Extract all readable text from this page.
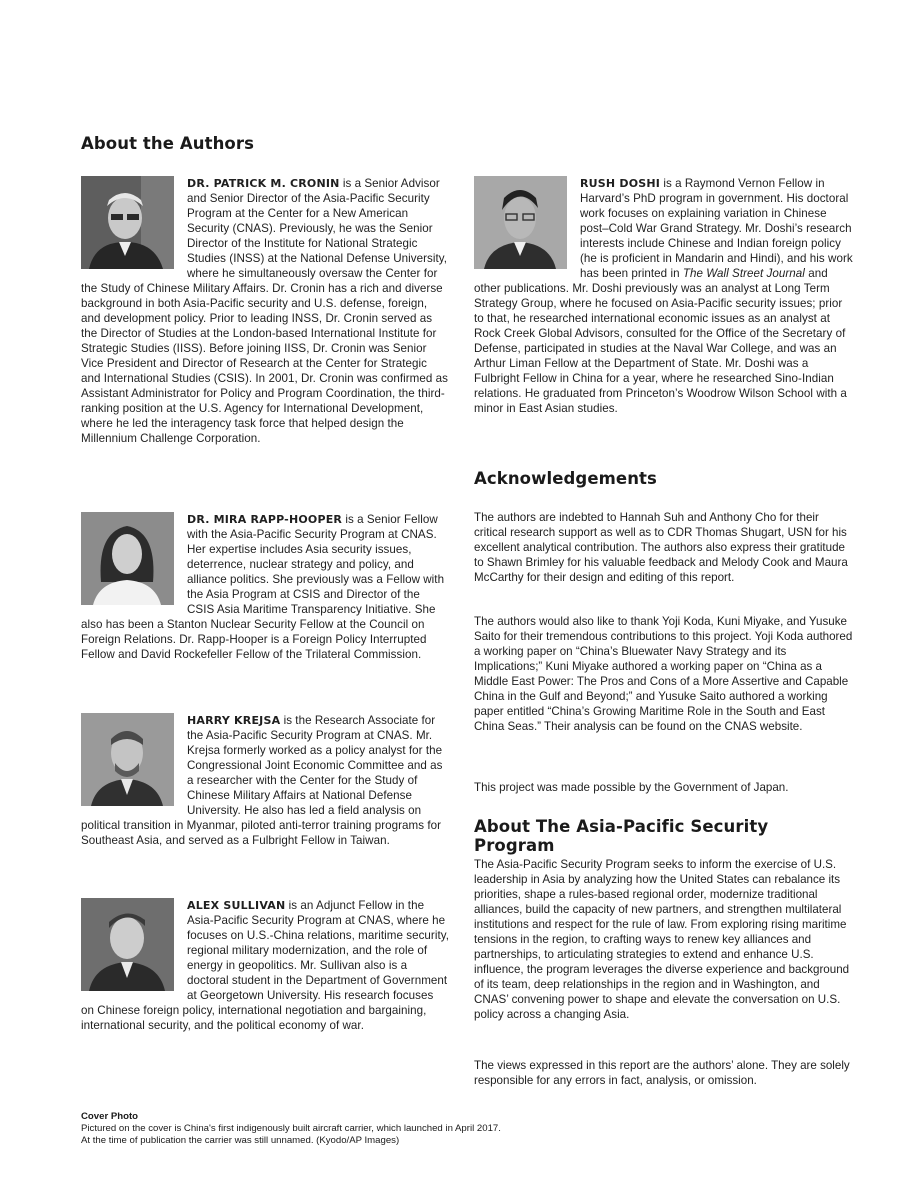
About the Authors
DR. PATRICK M. CRONIN is a Senior Advisor and Senior Director of the Asia-Pacific Security Program at the Center for a New American Security (CNAS). Previously, he was the Senior Director of the Institute for National Strategic Studies (INSS) at the National Defense University, where he simultaneously oversaw the Center for the Study of Chinese Military Affairs. Dr. Cronin has a rich and diverse background in both Asia-Pacific security and U.S. defense, foreign, and development policy. Prior to leading INSS, Dr. Cronin served as the Director of Studies at the London-based International Institute for Strategic Studies (IISS). Before joining IISS, Dr. Cronin was Senior Vice President and Director of Research at the Center for Strategic and International Studies (CSIS). In 2001, Dr. Cronin was confirmed as Assistant Administrator for Policy and Program Coordination, the third-ranking position at the U.S. Agency for International Development, where he led the interagency task force that helped design the Millennium Challenge Corporation.
DR. MIRA RAPP-HOOPER is a Senior Fellow with the Asia-Pacific Security Program at CNAS. Her expertise includes Asia security issues, deterrence, nuclear strategy and policy, and alliance politics. She previously was a Fellow with the Asia Program at CSIS and Director of the CSIS Asia Maritime Transparency Initiative. She also has been a Stanton Nuclear Security Fellow at the Council on Foreign Relations. Dr. Rapp-Hooper is a Foreign Policy Interrupted Fellow and David Rockefeller Fellow of the Trilateral Commission.
HARRY KREJSA is the Research Associate for the Asia-Pacific Security Program at CNAS. Mr. Krejsa formerly worked as a policy analyst for the Congressional Joint Economic Committee and as a researcher with the Center for the Study of Chinese Military Affairs at National Defense University. He also has led a field analysis on political transition in Myanmar, piloted anti-terror training programs for Southeast Asia, and served as a Fulbright Fellow in Taiwan.
ALEX SULLIVAN is an Adjunct Fellow in the Asia-Pacific Security Program at CNAS, where he focuses on U.S.-China relations, maritime security, regional military modernization, and the role of energy in geopolitics. Mr. Sullivan also is a doctoral student in the Department of Government at Georgetown University. His research focuses on Chinese foreign policy, international negotiation and bargaining, international security, and the political economy of war.
RUSH DOSHI is a Raymond Vernon Fellow in Harvard’s PhD program in government. His doctoral work focuses on explaining variation in Chinese post–Cold War Grand Strategy. Mr. Doshi’s research interests include Chinese and Indian foreign policy (he is proficient in Mandarin and Hindi), and his work has been printed in The Wall Street Journal and other publications. Mr. Doshi previously was an analyst at Long Term Strategy Group, where he focused on Asia-Pacific security issues; prior to that, he researched international economic issues as an analyst at Rock Creek Global Advisors, consulted for the Office of the Secretary of Defense, participated in studies at the Naval War College, and was an Arthur Liman Fellow at the Department of State. Mr. Doshi was a Fulbright Fellow in China for a year, where he researched Sino-Indian relations. He graduated from Princeton’s Woodrow Wilson School with a minor in East Asian studies.
Acknowledgements

The authors are indebted to Hannah Suh and Anthony Cho for their critical research support as well as to CDR Thomas Shugart, USN for his excellent analytical contribution. The authors also express their gratitude to Shawn Brimley for his valuable feedback and Melody Cook and Maura McCarthy for their design and editing of this report.

The authors would also like to thank Yoji Koda, Kuni Miyake, and Yusuke Saito for their tremendous contributions to this project. Yoji Koda authored a working paper on “China’s Bluewater Navy Strategy and its Implications;” Kuni Miyake authored a working paper on “China as a Middle East Power: The Pros and Cons of a More Assertive and Capable China in the Gulf and Beyond;” and Yusuke Saito authored a working paper entitled “China’s Growing Maritime Role in the South and East China Seas.” Their analysis can be found on the CNAS website.

This project was made possible by the Government of Japan.

About The Asia-Pacific Security Program

The Asia-Pacific Security Program seeks to inform the exercise of U.S. leadership in Asia by analyzing how the United States can rebalance its priorities, shape a rules-based regional order, modernize traditional alliances, build the capacity of new partners, and strengthen multilateral institutions and respect for the rule of law. From exploring rising maritime tensions in the region, to crafting ways to renew key alliances and partnerships, to articulating strategies to extend and enhance U.S. influence, the program leverages the diverse experience and background of its team, deep relationships in the region and in Washington, and CNAS’ convening power to shape and elevate the conversation on U.S. policy across a changing Asia.

The views expressed in this report are the authors’ alone. They are solely responsible for any errors in fact, analysis, or omission.

Cover Photo
Pictured on the cover is China's first indigenously built aircraft carrier, which launched in April 2017.
At the time of publication the carrier was still unnamed. (Kyodo/AP Images)
